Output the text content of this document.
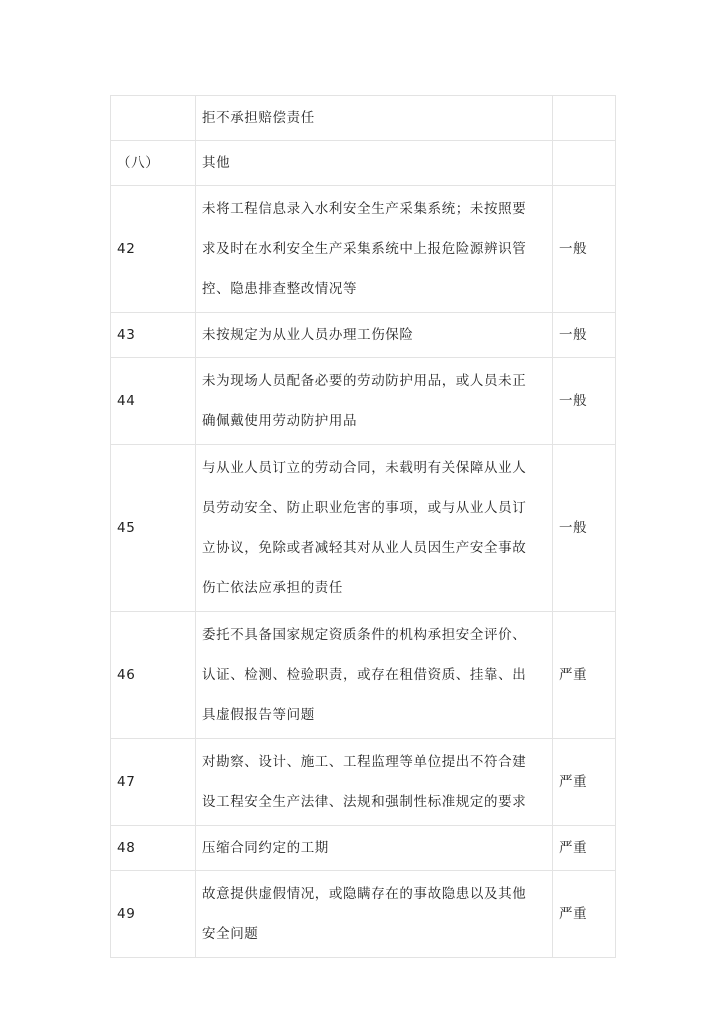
	拒不承担赔偿责任	

（八）	其他	

42	未将工程信息录入水利安全生产采集系统；未按照要
求及时在水利安全生产采集系统中上报危险源辨识管
控、隐患排查整改情况等	一般
43	未按规定为从业人员办理工伤保险	一般
44	未为现场人员配备必要的劳动防护用品，或人员未正
确佩戴使用劳动防护用品	一般
45	与从业人员订立的劳动合同，未载明有关保障从业人
员劳动安全、防止职业危害的事项，或与从业人员订
立协议，免除或者减轻其对从业人员因生产安全事故
伤亡依法应承担的责任	一般
46	委托不具备国家规定资质条件的机构承担安全评价、
认证、检测、检验职责，或存在租借资质、挂靠、出
具虚假报告等问题	严重
47	对勘察、设计、施工、工程监理等单位提出不符合建
设工程安全生产法律、法规和强制性标准规定的要求	严重
48	压缩合同约定的工期	严重
49	故意提供虚假情况，或隐瞒存在的事故隐患以及其他
安全问题	严重
